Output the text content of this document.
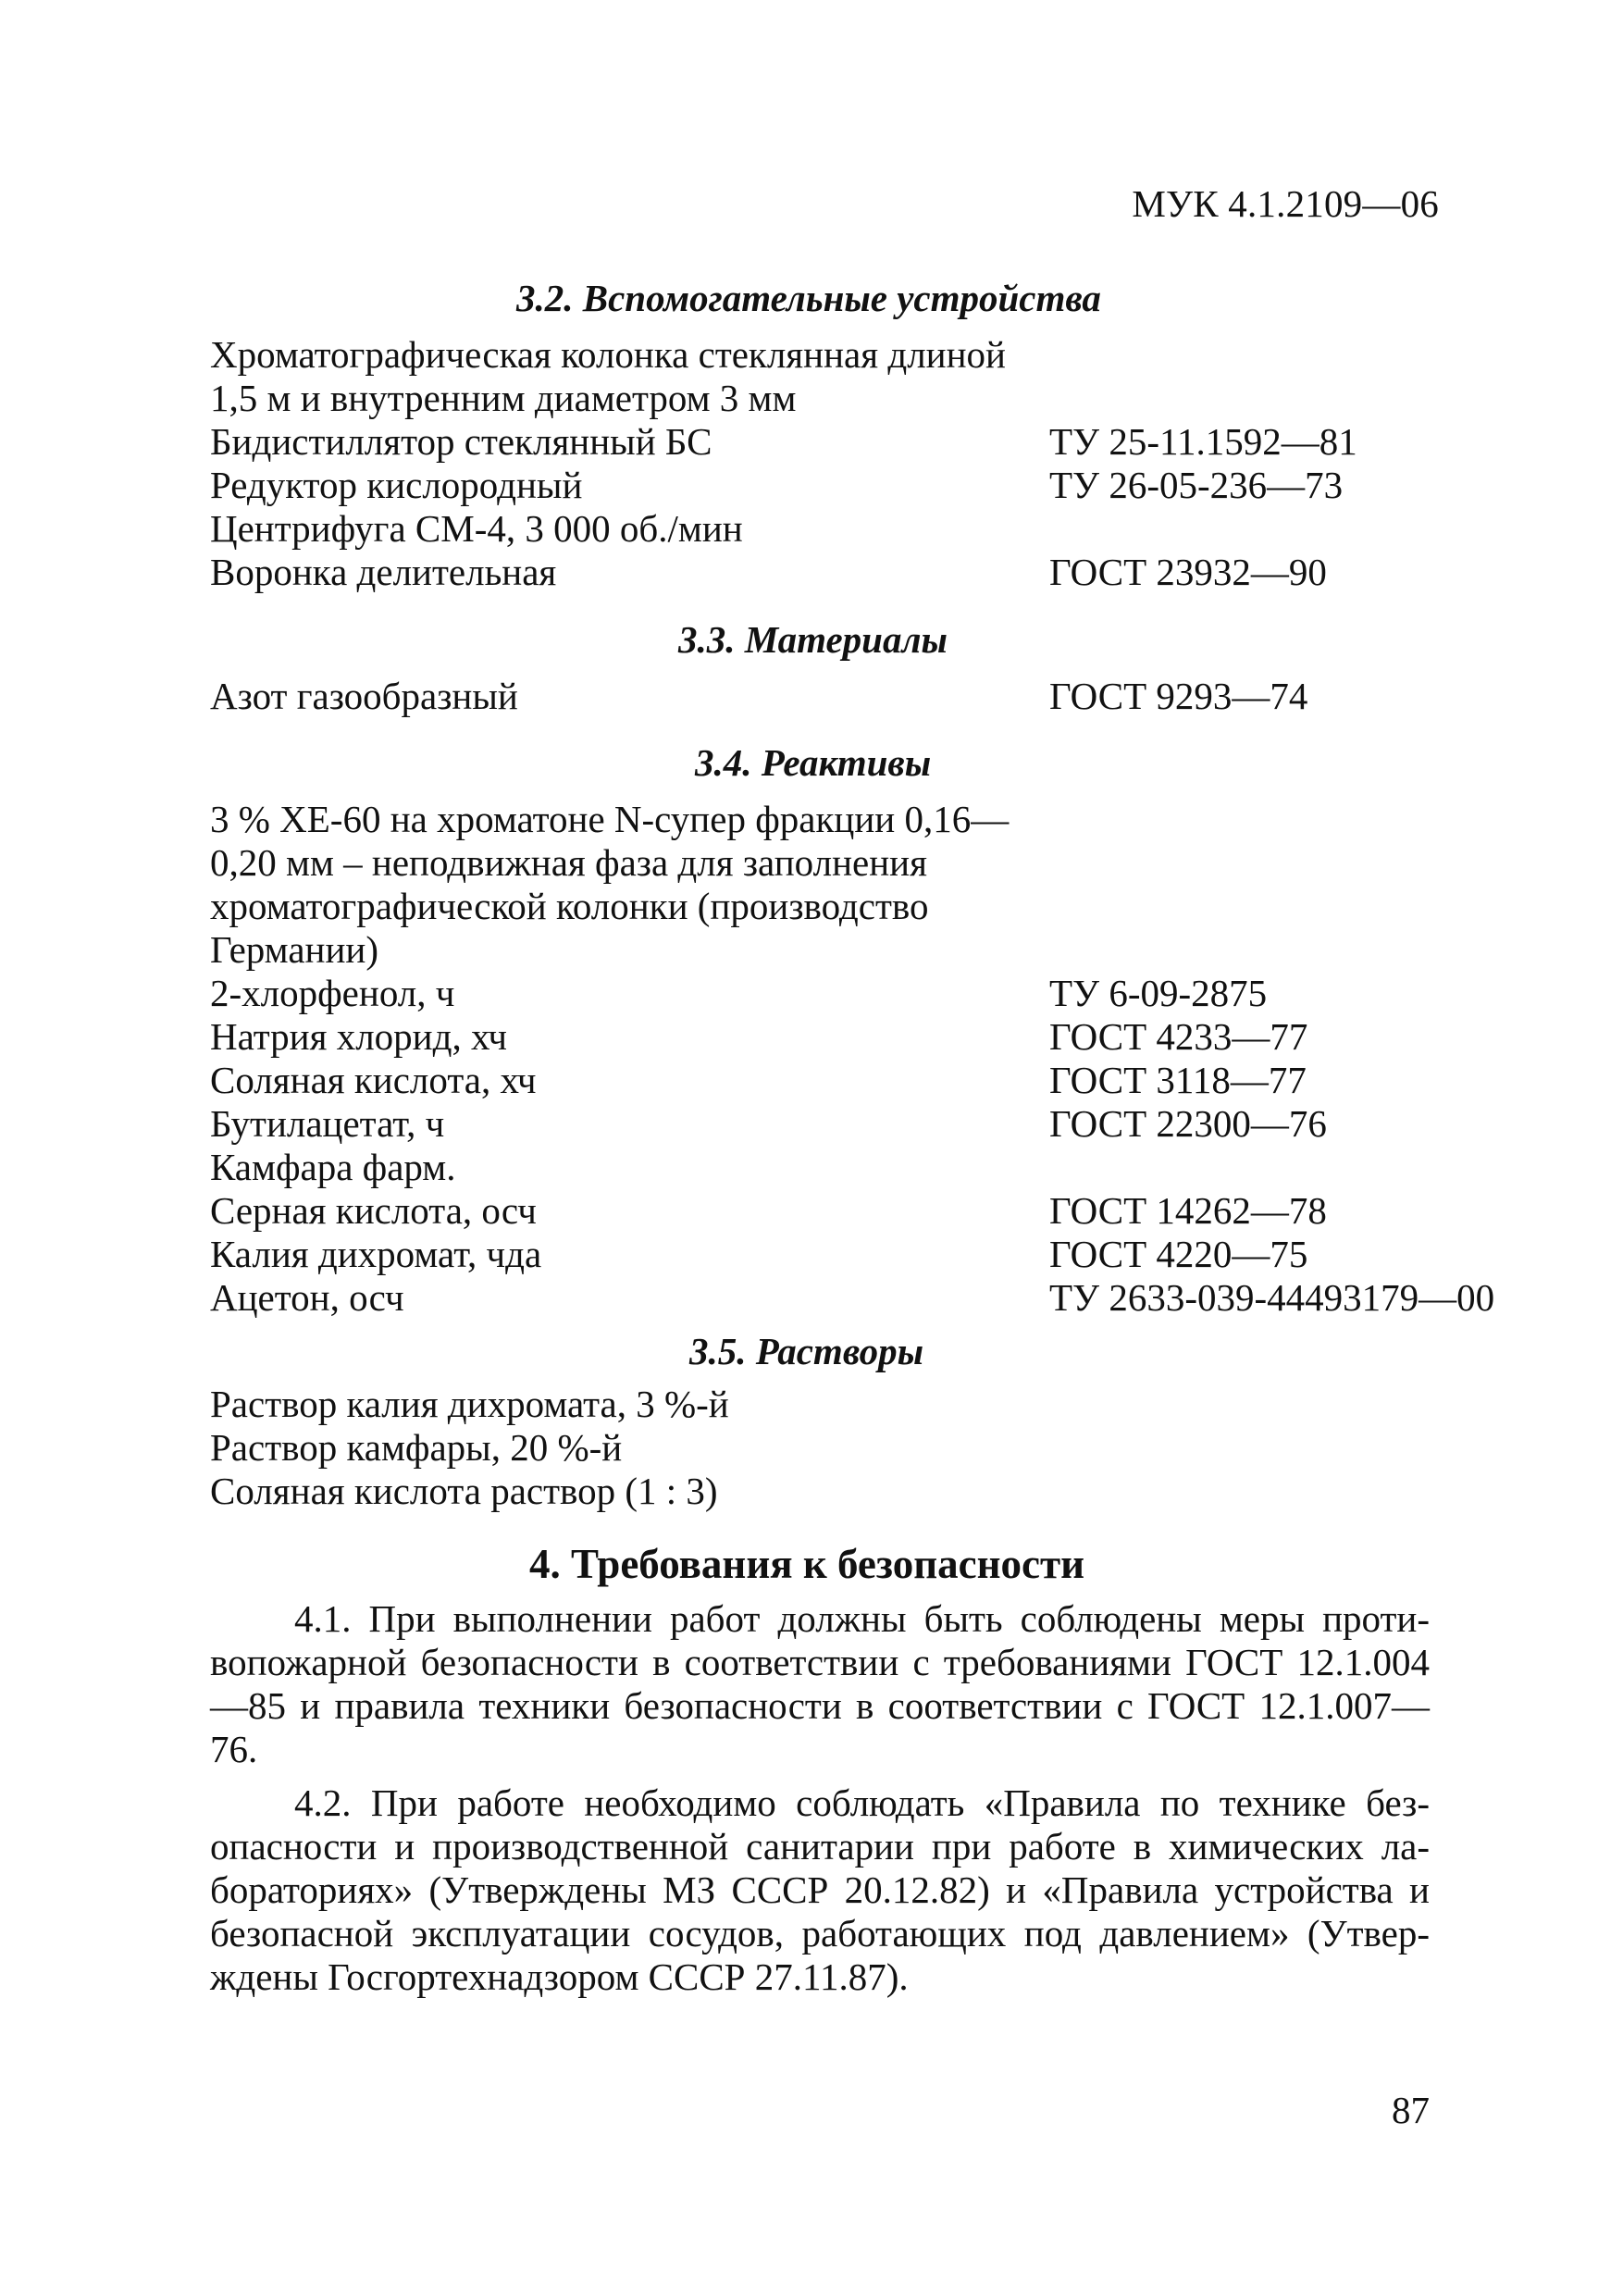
МУК 4.1.2109—06
3.2. Вспомогательные устройства
Хроматографическая колонка стеклянная длиной
1,5 м и внутренним диаметром 3 мм
Бидистиллятор стеклянный БС	ТУ 25-11.1592—81
Редуктор кислородный	ТУ 26-05-236—73
Центрифуга СМ-4, 3 000 об./мин
Воронка делительная	ГОСТ 23932—90
3.3. Материалы
Азот газообразный	ГОСТ 9293—74
3.4. Реактивы
3 % ХЕ-60 на хроматоне N-супер фракции 0,16—
0,20 мм – неподвижная фаза для заполнения
хроматографической колонки (производство
Германии)
2-хлорфенол, ч	ТУ 6-09-2875
Натрия хлорид, хч	ГОСТ 4233—77
Соляная кислота, хч	ГОСТ 3118—77
Бутилацетат, ч	ГОСТ 22300—76
Камфара фарм.
Серная кислота, осч	ГОСТ 14262—78
Калия дихромат, чда	ГОСТ 4220—75
Ацетон, осч	ТУ 2633-039-44493179—00
3.5. Растворы
Раствор калия дихромата, 3 %-й
Раствор камфары, 20 %-й
Соляная кислота раствор (1 : 3)
4. Требования к безопасности

4.1. При выполнении работ должны быть соблюдены меры проти-вопожарной безопасности в соответствии с требованиями ГОСТ 12.1.004—85 и правила техники безопасности в соответствии с ГОСТ 12.1.007—76.

4.2. При работе необходимо соблюдать «Правила по технике без-опасности и производственной санитарии при работе в химических ла-бораториях» (Утверждены МЗ СССР 20.12.82) и «Правила устройства и безопасной эксплуатации сосудов, работающих под давлением» (Утвер-ждены Госгортехнадзором СССР 27.11.87).

87
